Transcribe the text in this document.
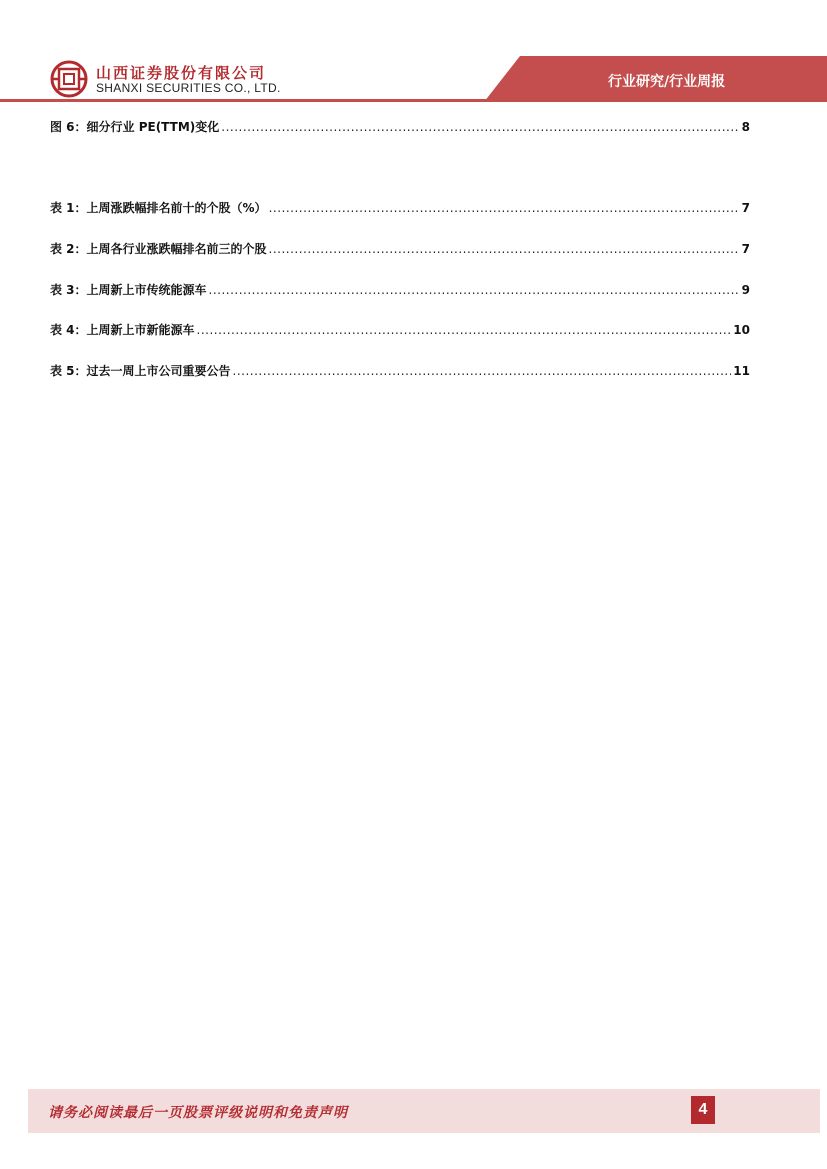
山西证券股份有限公司
SHANXI SECURITIES CO., LTD.	行业研究/行业周报
图 6：细分行业 PE(TTM)变化 .....	8
表 1：上周涨跌幅排名前十的个股（%） .....	7
表 2：上周各行业涨跌幅排名前三的个股 .....	7
表 3：上周新上市传统能源车 .....	9
表 4：上周新上市新能源车 .....	10
表 5：过去一周上市公司重要公告 .....	11
请务必阅读最后一页股票评级说明和免责声明	4
